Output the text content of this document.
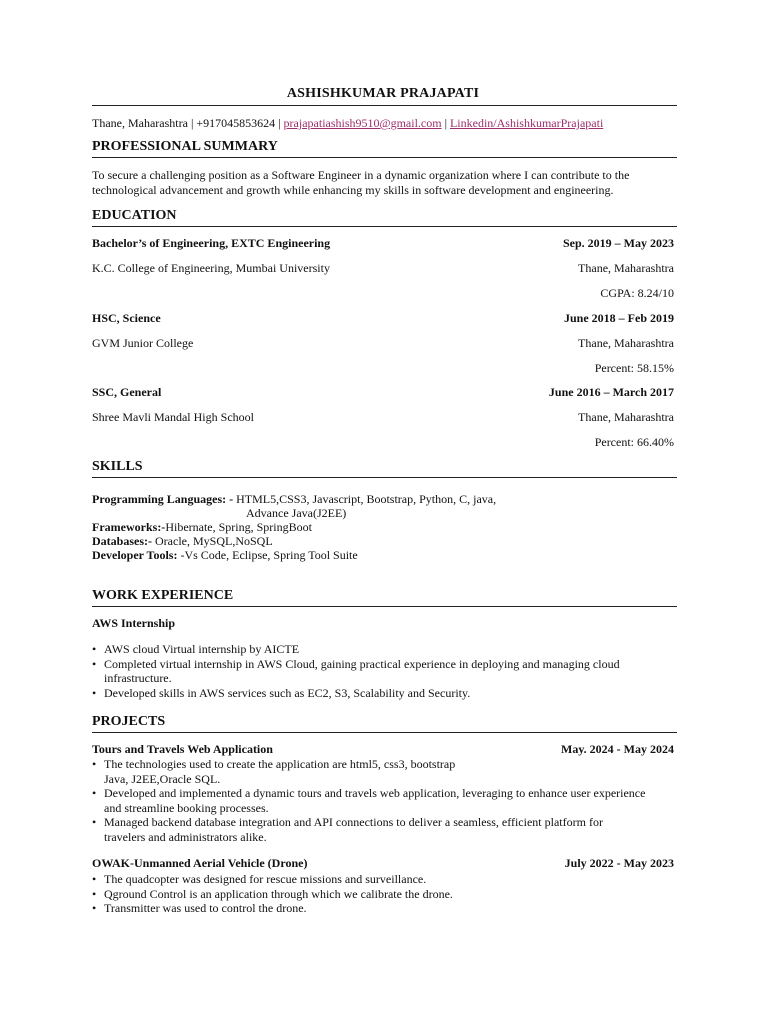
ASHISHKUMAR PRAJAPATI
Thane, Maharashtra | +917045853624 | prajapatiashish9510@gmail.com | Linkedin/AshishkumarPrajapati
PROFESSIONAL SUMMARY
To secure a challenging position as a Software Engineer in a dynamic organization where I can contribute to the technological advancement and growth while enhancing my skills in software development and engineering.
EDUCATION
Bachelor’s of Engineering, EXTC Engineering	Sep. 2019 – May 2023
K.C. College of Engineering, Mumbai University	Thane, Maharashtra
CGPA: 8.24/10
HSC, Science	June 2018 – Feb 2019
GVM Junior College	Thane, Maharashtra
Percent: 58.15%
SSC, General	June 2016 – March 2017
Shree Mavli Mandal High School	Thane, Maharashtra
Percent: 66.40%
SKILLS
Programming Languages: - HTML5,CSS3, Javascript, Bootstrap, Python, C, java,
Advance Java(J2EE)
Frameworks:-Hibernate, Spring, SpringBoot
Databases:- Oracle, MySQL,NoSQL
Developer Tools: -Vs Code, Eclipse, Spring Tool Suite
WORK EXPERIENCE
AWS Internship
• AWS cloud Virtual internship by AICTE
• Completed virtual internship in AWS Cloud, gaining practical experience in deploying and managing cloud infrastructure.
• Developed skills in AWS services such as EC2, S3, Scalability and Security.
PROJECTS
Tours and Travels Web Application	May. 2024 - May 2024
• The technologies used to create the application are html5, css3, bootstrap Java, J2EE,Oracle SQL.
• Developed and implemented a dynamic tours and travels web application, leveraging to enhance user experience and streamline booking processes.
• Managed backend database integration and API connections to deliver a seamless, efficient platform for travelers and administrators alike.
OWAK-Unmanned Aerial Vehicle (Drone)	July 2022 - May 2023
• The quadcopter was designed for rescue missions and surveillance.
• Qground Control is an application through which we calibrate the drone.
• Transmitter was used to control the drone.
